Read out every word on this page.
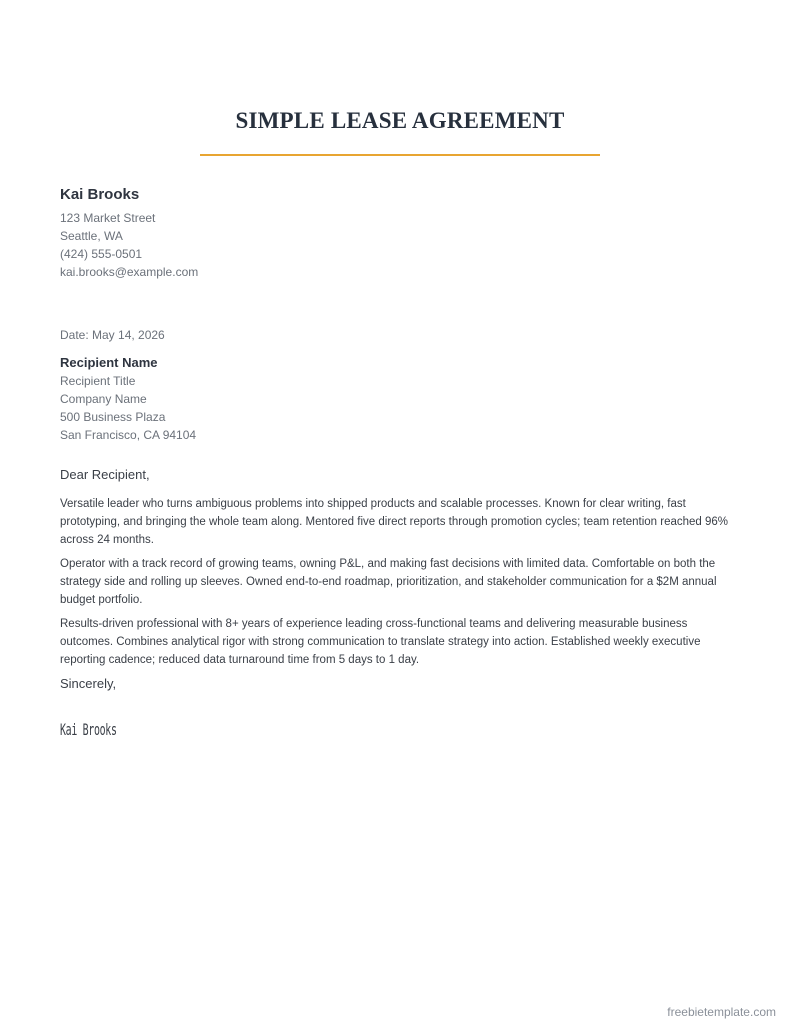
SIMPLE LEASE AGREEMENT
Kai Brooks
123 Market Street
Seattle, WA
(424) 555-0501
kai.brooks@example.com
Date: May 14, 2026
Recipient Name
Recipient Title
Company Name
500 Business Plaza
San Francisco, CA 94104
Dear Recipient,

Versatile leader who turns ambiguous problems into shipped products and scalable processes. Known for clear writing, fast prototyping, and bringing the whole team along. Mentored five direct reports through promotion cycles; team retention reached 96% across 24 months.

Operator with a track record of growing teams, owning P&L, and making fast decisions with limited data. Comfortable on both the strategy side and rolling up sleeves. Owned end-to-end roadmap, prioritization, and stakeholder communication for a $2M annual budget portfolio.

Results-driven professional with 8+ years of experience leading cross-functional teams and delivering measurable business outcomes. Combines analytical rigor with strong communication to translate strategy into action. Established weekly executive reporting cadence; reduced data turnaround time from 5 days to 1 day.

Sincerely,
Kai Brooks
freebietemplate.com
